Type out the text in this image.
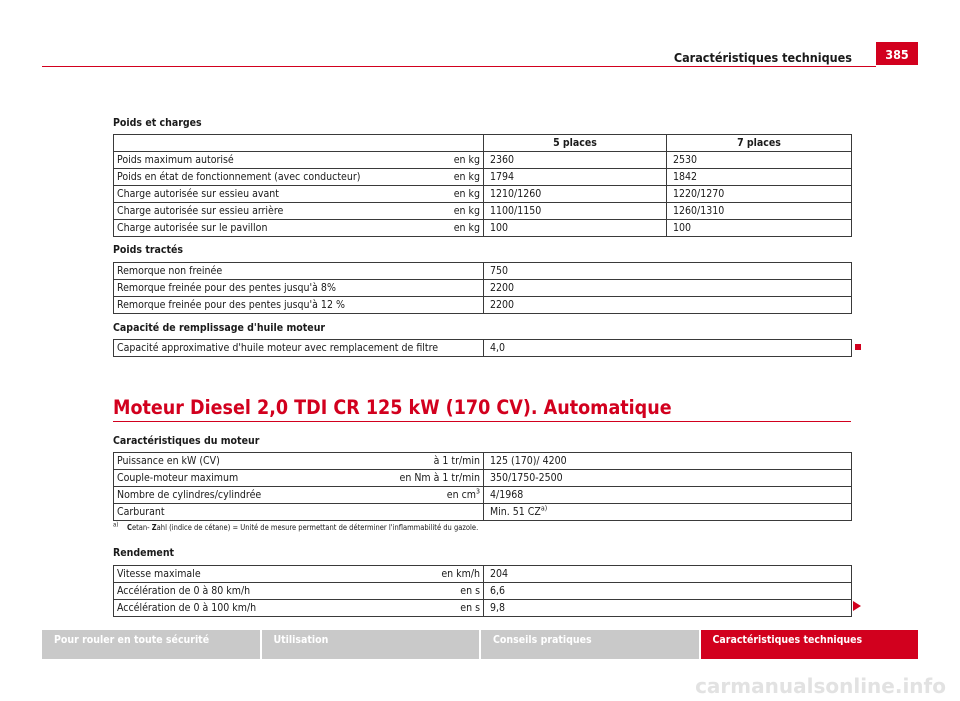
Caractéristiques techniques	385
Poids et charges
		5 places	7 places
Poids maximum autorisé	en kg	2360	2530
Poids en état de fonctionnement (avec conducteur)	en kg	1794	1842
Charge autorisée sur essieu avant	en kg	1210/1260	1220/1270
Charge autorisée sur essieu arrière	en kg	1100/1150	1260/1310
Charge autorisée sur le pavillon	en kg	100	100
Poids tractés
Remorque non freinée	750
Remorque freinée pour des pentes jusqu'à 8%	2200
Remorque freinée pour des pentes jusqu'à 12 %	2200
Capacité de remplissage d'huile moteur
Capacité approximative d'huile moteur avec remplacement de filtre	4,0
Moteur Diesel 2,0 TDI CR 125 kW (170 CV). Automatique
Caractéristiques du moteur
Puissance en kW (CV)	à 1 tr/min	125 (170)/ 4200
Couple-moteur maximum	en Nm à 1 tr/min	350/1750-2500
Nombre de cylindres/cylindrée	en $cm^3$	4/1968
Carburant		Min. 51 CZ$^{a)}$
$^{a)}$ Cetan- Zahl (indice de cétane) = Unité de mesure permettant de déterminer l'inflammabilité du gazole.
Rendement
Vitesse maximale	en km/h	204
Accélération de 0 à 80 km/h	en s	6,6
Accélération de 0 à 100 km/h	en s	9,8
Pour rouler en toute sécurité	Utilisation	Conseils pratiques	Caractéristiques techniques
carmanualsonline.info
